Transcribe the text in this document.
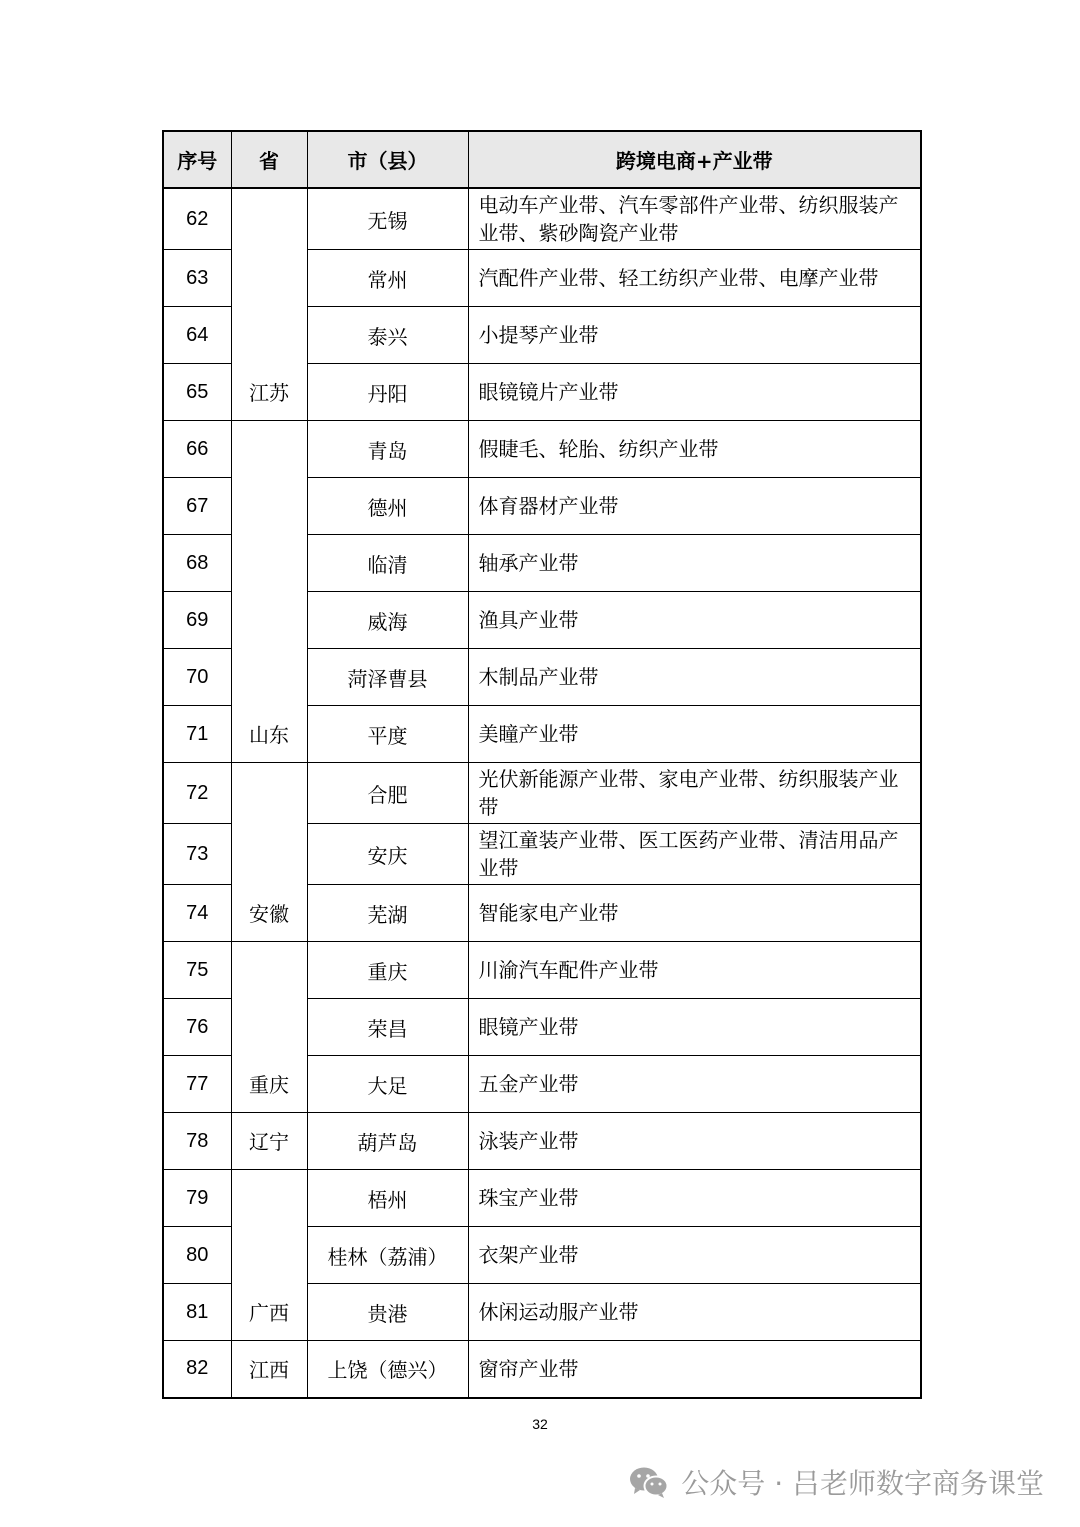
序号	省	市（县）	跨境电商+产业带
62	江苏	无锡	电动车产业带、汽车零部件产业带、纺织服装产业带、紫砂陶瓷产业带
63		常州	汽配件产业带、轻工纺织产业带、电摩产业带
64		泰兴	小提琴产业带
65		丹阳	眼镜镜片产业带
66	山东	青岛	假睫毛、轮胎、纺织产业带
67		德州	体育器材产业带
68		临清	轴承产业带
69		威海	渔具产业带
70		菏泽曹县	木制品产业带
71		平度	美瞳产业带
72	安徽	合肥	光伏新能源产业带、家电产业带、纺织服装产业带
73		安庆	望江童装产业带、医工医药产业带、清洁用品产业带
74		芜湖	智能家电产业带
75	重庆	重庆	川渝汽车配件产业带
76		荣昌	眼镜产业带
77		大足	五金产业带
78	辽宁	葫芦岛	泳装产业带
79	广西	梧州	珠宝产业带
80		桂林（荔浦）	衣架产业带
81		贵港	休闲运动服产业带
82	江西	上饶（德兴）	窗帘产业带
32
公众号 · 吕老师数字商务课堂
